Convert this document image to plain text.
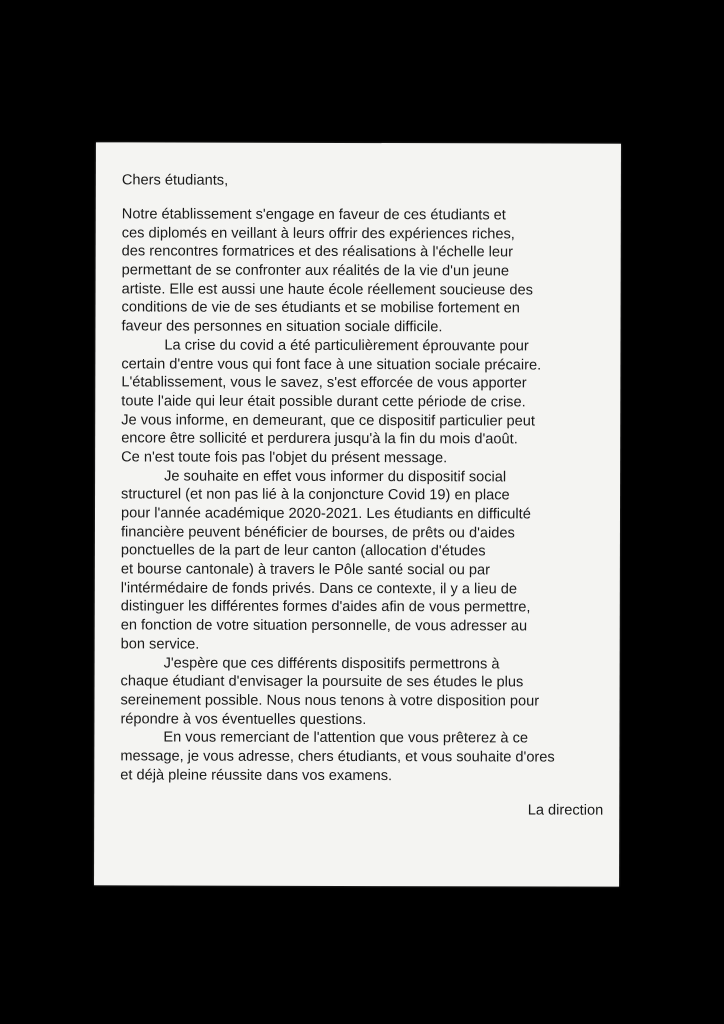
Chers étudiants,
Notre établissement s'engage en faveur de ces étudiants et
ces diplomés en veillant à leurs offrir des expériences riches,
des rencontres formatrices et des réalisations à l'échelle leur
permettant de se confronter aux réalités de la vie d'un jeune
artiste. Elle est aussi une haute école réellement soucieuse des
conditions de vie de ses étudiants et se mobilise fortement en
faveur des personnes en situation sociale difficile.
La crise du covid a été particulièrement éprouvante pour
certain d'entre vous qui font face à une situation sociale précaire.
L'établissement, vous le savez, s'est efforcée de vous apporter
toute l'aide qui leur était possible durant cette période de crise.
Je vous informe, en demeurant, que ce dispositif particulier peut
encore être sollicité et perdurera jusqu'à la fin du mois d'août.
Ce n'est toute fois pas l'objet du présent message.
Je souhaite en effet vous informer du dispositif social
structurel (et non pas lié à la conjoncture Covid 19) en place
pour l'année académique 2020-2021. Les étudiants en difficulté
financière peuvent bénéficier de bourses, de prêts ou d'aides
ponctuelles de la part de leur canton (allocation d'études
et bourse cantonale) à travers le Pôle santé social ou par
l'intérmédaire de fonds privés. Dans ce contexte, il y a lieu de
distinguer les différentes formes d'aides afin de vous permettre,
en fonction de votre situation personnelle, de vous adresser au
bon service.
J'espère que ces différents dispositifs permettrons à
chaque étudiant d'envisager la poursuite de ses études le plus
sereinement possible. Nous nous tenons à votre disposition pour
répondre à vos éventuelles questions.
En vous remerciant de l'attention que vous prêterez à ce
message, je vous adresse, chers étudiants, et vous souhaite d'ores
et déjà pleine réussite dans vos examens.
La direction
